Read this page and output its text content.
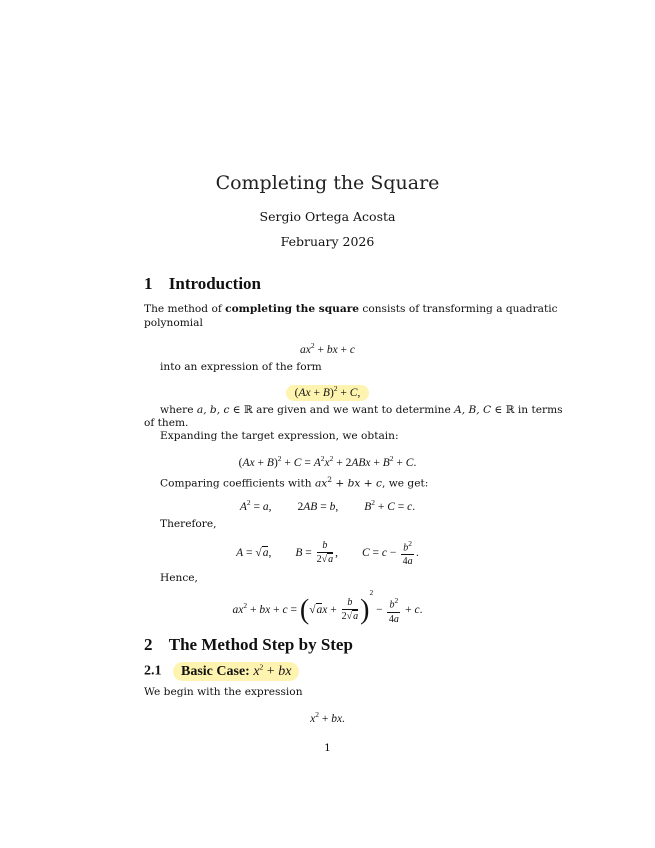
Completing the Square
Sergio Ortega Acosta
February 2026
1 Introduction
The method of completing the square consists of transforming a quadratic
polynomial
$ax^2$ + bx + c
into an expression of the form
$(Ax + B)^2 + C$,
where a, b, c ∈ ℝ are given and we want to determine A, B, C ∈ ℝ in terms
of them.
Expanding the target expression, we obtain:
$(Ax + B)^2 + C = A^2x^2 + 2ABx + B^2 + C$.
Comparing coefficients with $ax^2$ + bx + c, we get:
$A^2 = a$, 2AB = b, $B^2 + C = c$.
Therefore,
A = √a, $B = \frac{b}{2√a}$ , $C = c - \frac{b^2}{4a}$ .
Hence,
$ax^2$ + bx + $c = (√ax + \frac{b}{2√a} )^2 - \frac{b^2}{4a} + c$.
2 The Method Step by Step
2.1 Basic Case: $x^2$ + bx
We begin with the expression
$x^2$ + bx.
1
